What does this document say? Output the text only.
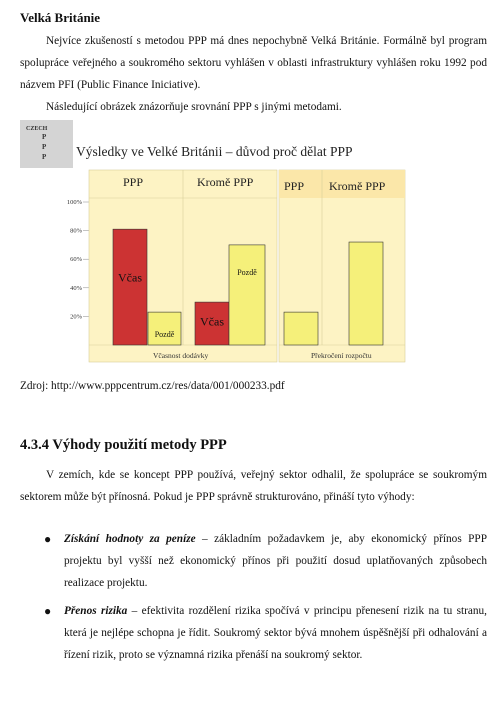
Velká Británie
Nejvíce zkušeností s metodou PPP má dnes nepochybně Velká Británie. Formálně byl program spolupráce veřejného a soukromého sektoru vyhlášen v oblasti infrastruktury vyhlášen roku 1992 pod názvem PFI (Public Finance Iniciative).
Následující obrázek znázorňuje srovnání PPP s jinými metodami.
CZECH
P
P
P Výsledky ve Velké Británii – důvod proč dělat PPP
100%
80%
60%
40%
20%
PPP	Kromě PPP
Včasnost dodávky
PPP Kromě PPP
Překročení rozpočtu
Včas
Pozdě
Včas
Pozdě
Zdroj: http://www.pppcentrum.cz/res/data/001/000233.pdf
4.3.4 Výhody použití metody PPP
V zemích, kde se koncept PPP používá, veřejný sektor odhalil, že spolupráce se soukromým sektorem může být přínosná. Pokud je PPP správně strukturováno, přináší tyto výhody:
● Získání hodnoty za peníze – základním požadavkem je, aby ekonomický přínos PPP projektu byl vyšší než ekonomický přínos při použití dosud uplatňovaných způsobech realizace projektu.
● Přenos rizika – efektivita rozdělení rizika spočívá v principu přenesení rizik na tu stranu, která je nejlépe schopna je řídit. Soukromý sektor bývá mnohem úspěšnější při odhalování a řízení rizik, proto se významná rizika přenáší na soukromý sektor.
